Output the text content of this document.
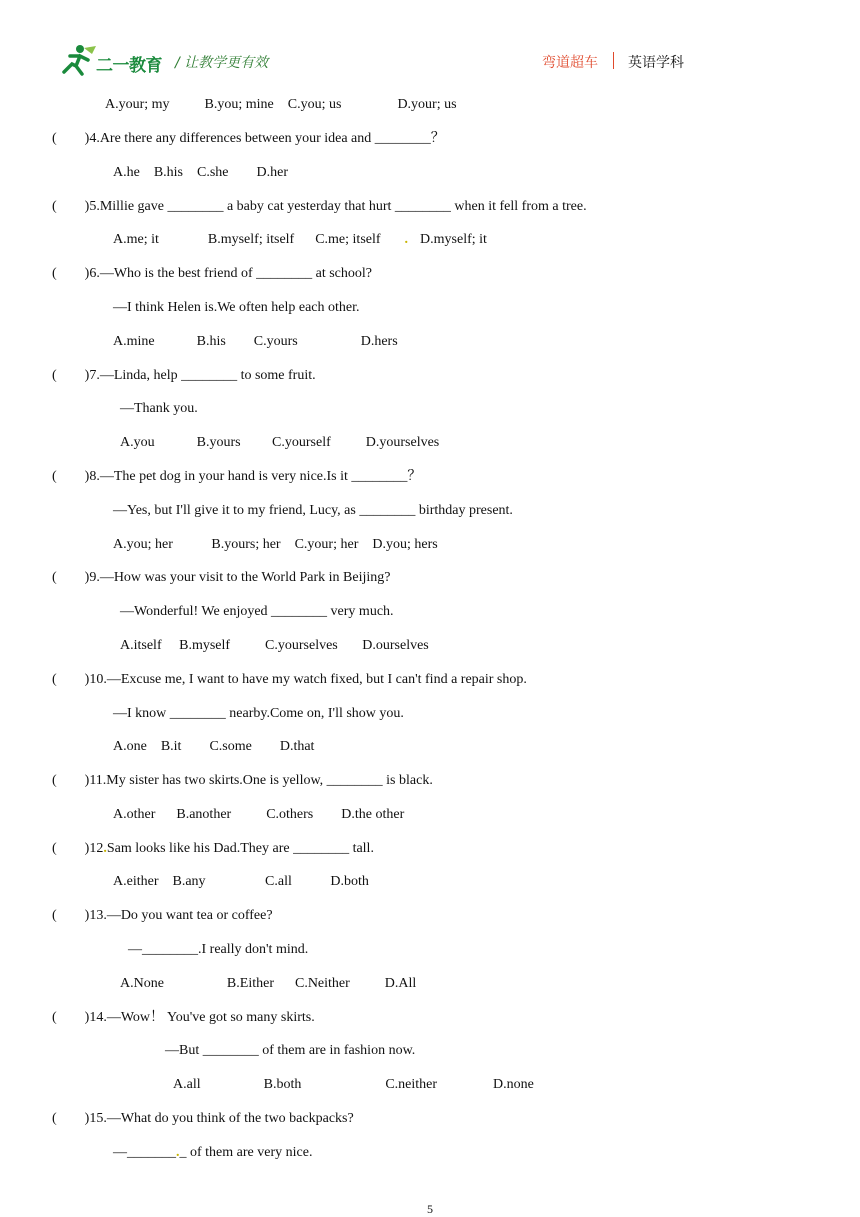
二一教育 / 让教学更有效	弯道超车 英语学科
A.your; my          B.you; mine    C.you; us                D.your; us
(        )4.Are there any differences between your idea and ________？
A.he    B.his    C.she        D.her
(        )5.Millie gave ________ a baby cat yesterday that hurt ________ when it fell from a tree.
A.me; it              B.myself; itself      C.me; itself . D.myself; it
(        )6.—Who is the best friend of ________ at school?
—I think Helen is.We often help each other.
A.mine            B.his        C.yours                  D.hers
(        )7.—Linda, help ________ to some fruit.
—Thank you.
A.you            B.yours         C.yourself          D.yourselves
(        )8.—The pet dog in your hand is very nice.Is it ________？
—Yes, but I'll give it to my friend, Lucy, as ________ birthday present.
A.you; her           B.yours; her    C.your; her    D.you; hers
(        )9.—How was your visit to the World Park in Beijing?
—Wonderful! We enjoyed ________ very much.
A.itself     B.myself          C.yourselves       D.ourselves
(        )10.—Excuse me, I want to have my watch fixed, but I can't find a repair shop.
—I know ________ nearby.Come on, I'll show you.
A.one    B.it        C.some        D.that
(        )11.My sister has two skirts.One is yellow, ________ is black.
A.other      B.another          C.others        D.the other
(        )12.Sam looks like his Dad.They are ________ tall.
A.either    B.any                 C.all           D.both
(        )13.—Do you want tea or coffee?
—________.I really don't mind.
A.None                  B.Either      C.Neither          D.All
(        )14.—Wow！ You've got so many skirts.
—But ________ of them are in fashion now.
A.all                  B.both                        C.neither                D.none
(        )15.—What do you think of the two backpacks?
—_______._ of them are very nice.
5
